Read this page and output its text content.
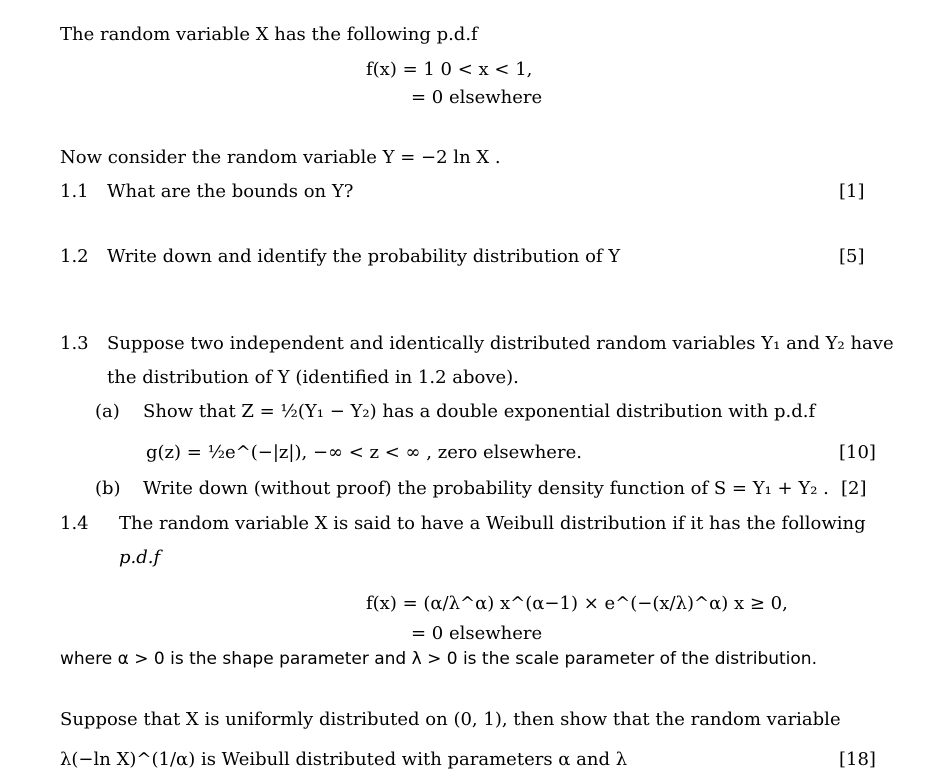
The random variable X has the following p.d.f
f(x) = 1 0 < x < 1,
= 0 elsewhere
Now consider the random variable Y = −2 ln X .
1.1 What are the bounds on Y?	[1]
1.2 Write down and identify the probability distribution of Y	[5]
1.3 Suppose two independent and identically distributed random variables Y₁ and Y₂ have
the distribution of Y (identified in 1.2 above).
(a) Show that Z = ½(Y₁ − Y₂) has a double exponential distribution with p.d.f
g(z) = ½e^(−|z|), −∞ < z < ∞ , zero elsewhere.	[10]
(b) Write down (without proof) the probability density function of S = Y₁ + Y₂ . [2]
1.4 The random variable X is said to have a Weibull distribution if it has the following
p.d.f
f(x) = (α/λ^α) x^(α−1) × e^(−(x/λ)^α) x ≥ 0,
= 0 elsewhere
where α > 0 is the shape parameter and λ > 0 is the scale parameter of the distribution.
Suppose that X is uniformly distributed on (0, 1), then show that the random variable
λ(−ln X)^(1/α) is Weibull distributed with parameters α and λ	[18]
